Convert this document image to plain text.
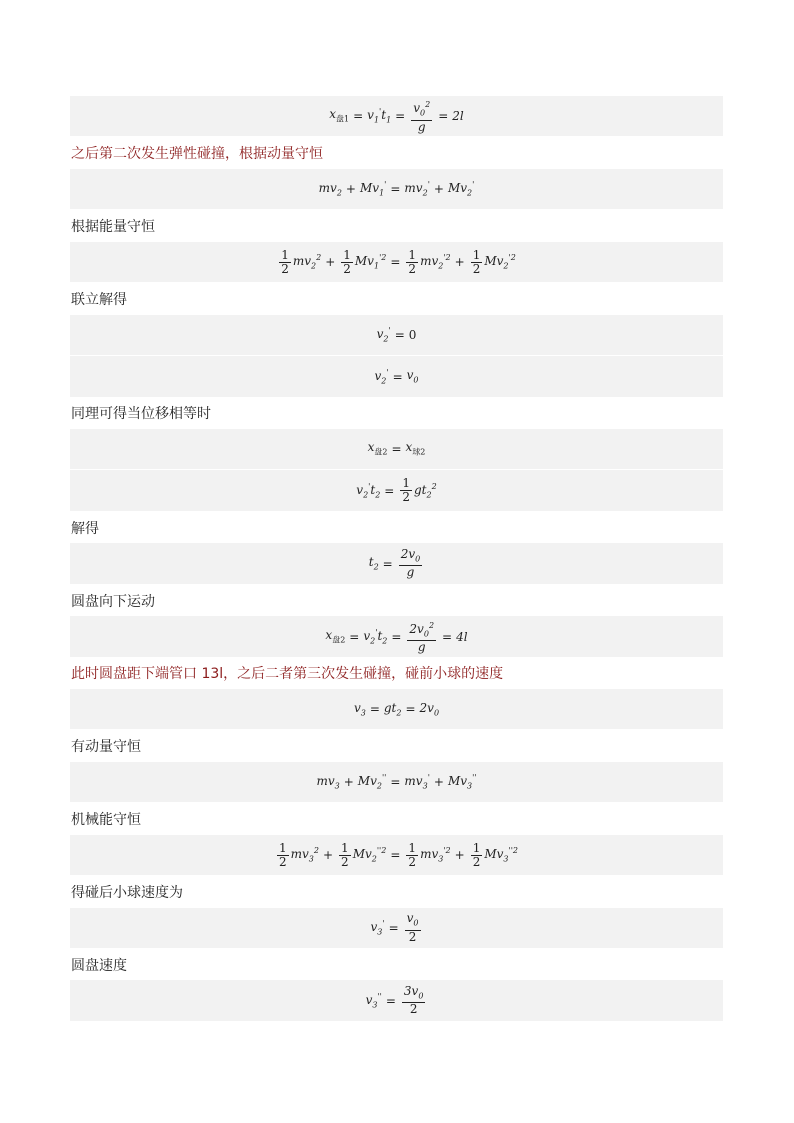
$x_{盘1} = v_1't_1 = \frac{v_0^2}{g} = 2l$
之后第二次发生弹性碰撞，根据动量守恒
$mv_2 + Mv_1' = mv_2' + Mv_2'$
根据能量守恒
$\frac{1}{2} mv_2^2 + \frac{1}{2} Mv_1^{'2} = \frac{1}{2} mv_2^{'2} + \frac{1}{2} Mv_2^{'2}$
联立解得
$v_2' = 0$
$v_2' = v_0$
同理可得当位移相等时
$x_{盘2} = x_{球2}$
$v_2't_2 = \frac{1}{2} gt_2^2$
解得
$t_2 = \frac{2v_0}{g}$
圆盘向下运动
$x_{盘2} = v_2't_2 = \frac{2v_0^2}{g} = 4l$
此时圆盘距下端管口 13l，之后二者第三次发生碰撞，碰前小球的速度
$v_3 = gt_2 = 2v_0$
有动量守恒
$mv_3 + Mv_2'' = mv_3' + Mv_3''$
机械能守恒
$\frac{1}{2} mv_3^2 + \frac{1}{2} Mv_2^{''2} = \frac{1}{2} mv_3^{'2} + \frac{1}{2} Mv_3^{''2}$
得碰后小球速度为
$v_3' = \frac{v_0}{2}$
圆盘速度
$v_3'' = \frac{3v_0}{2}$
